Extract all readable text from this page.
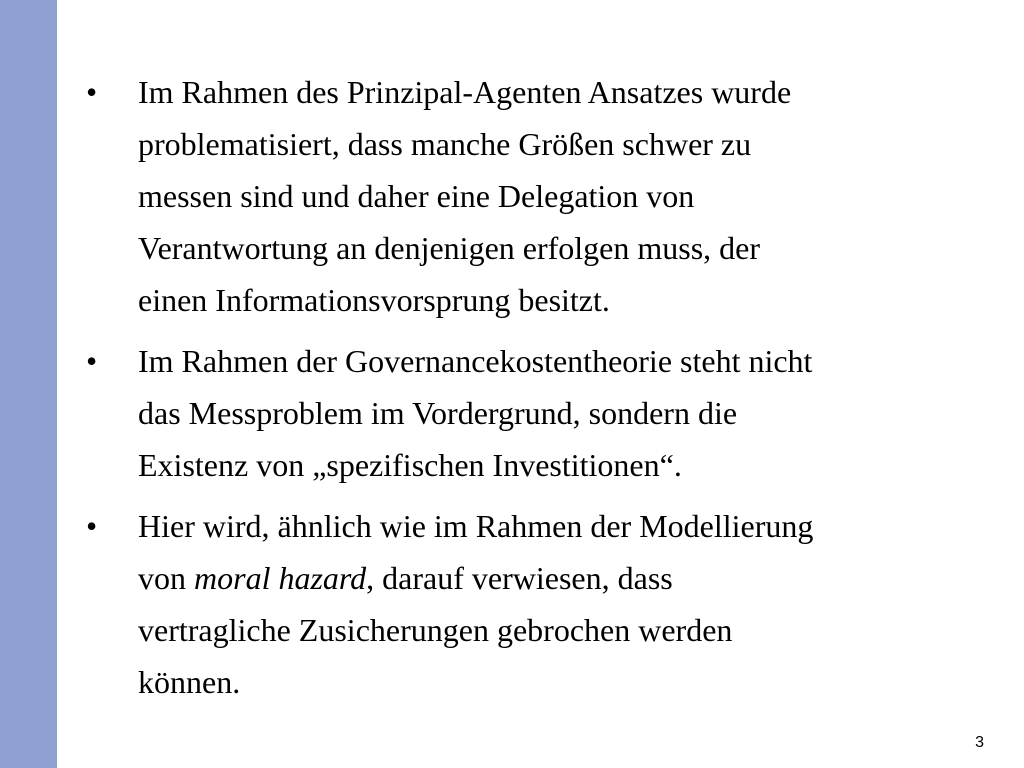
• Im Rahmen des Prinzipal-Agenten Ansatzes wurde
problematisiert, dass manche Größen schwer zu
messen sind und daher eine Delegation von
Verantwortung an denjenigen erfolgen muss, der
einen Informationsvorsprung besitzt.
• Im Rahmen der Governancekostentheorie steht nicht
das Messproblem im Vordergrund, sondern die
Existenz von „spezifischen Investitionen“.
• Hier wird, ähnlich wie im Rahmen der Modellierung
von moral hazard, darauf verwiesen, dass
vertragliche Zusicherungen gebrochen werden
können.
3
